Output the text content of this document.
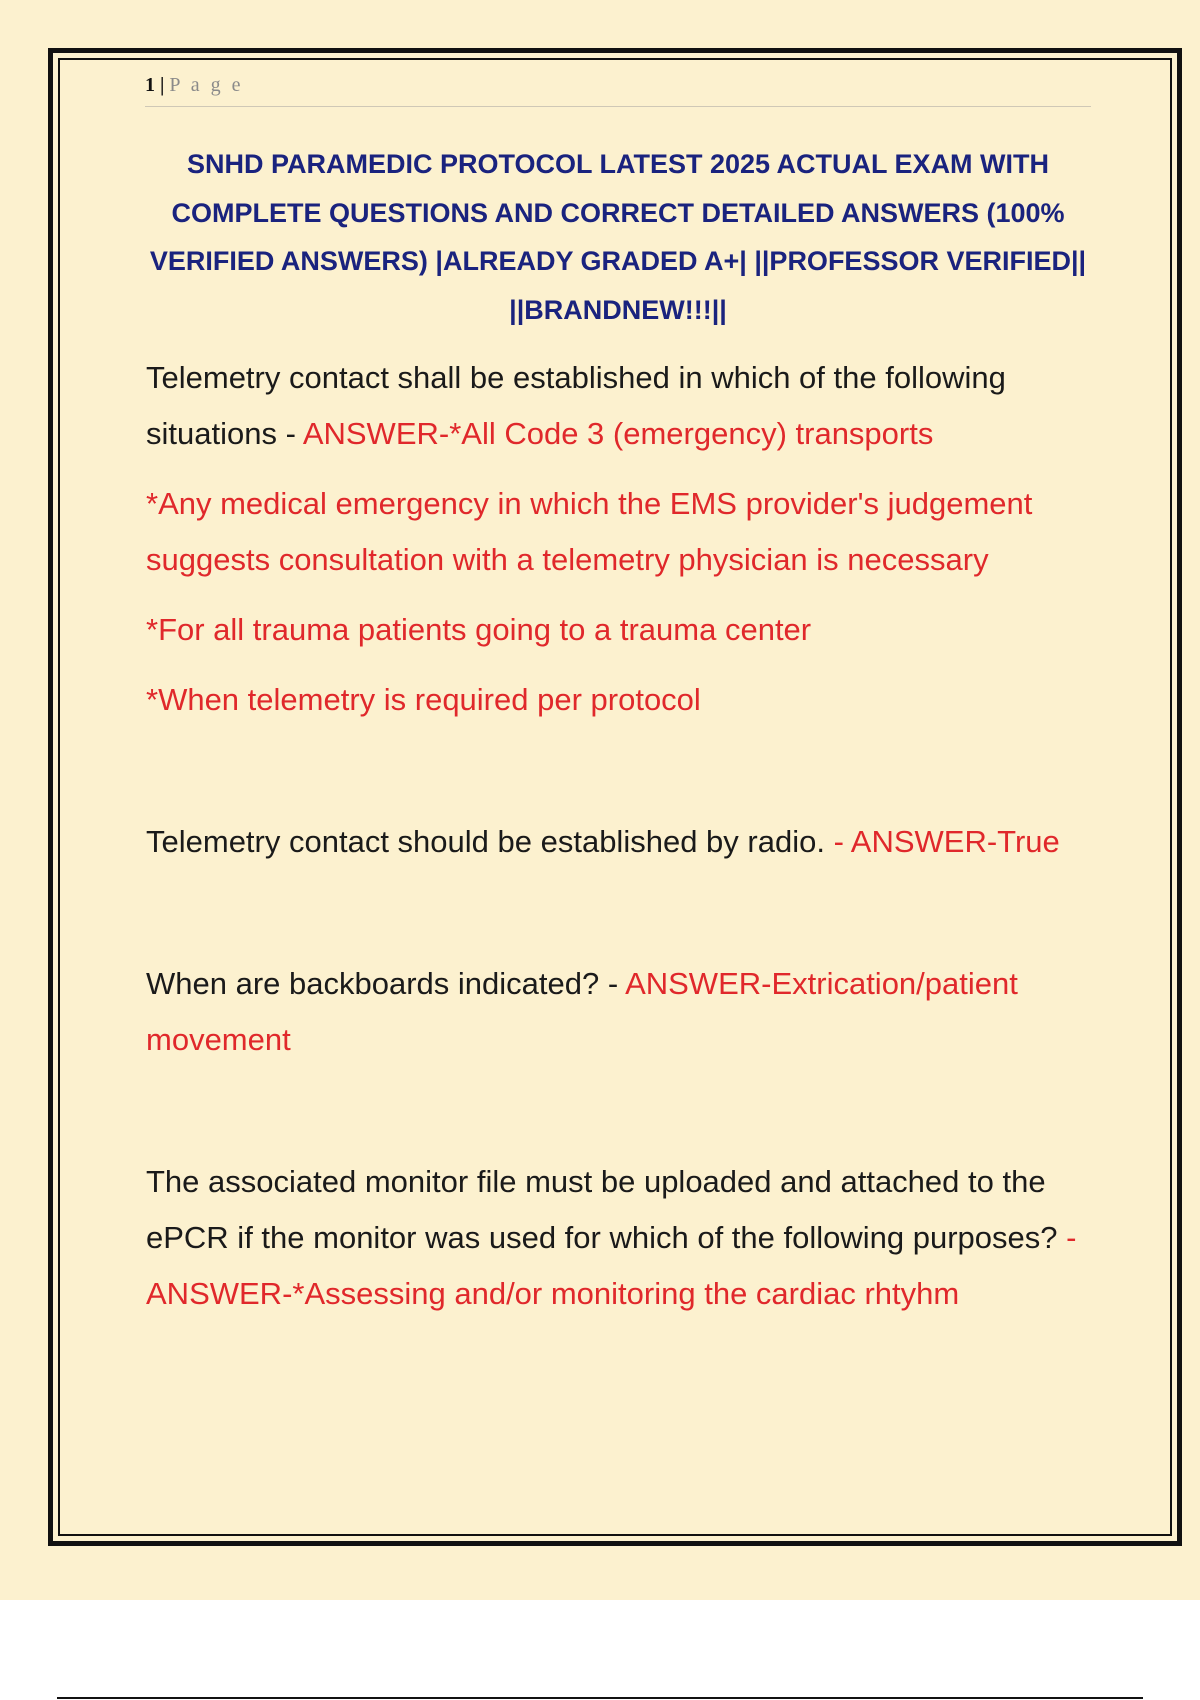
1 | P a g e
SNHD PARAMEDIC PROTOCOL LATEST 2025 ACTUAL EXAM WITH COMPLETE QUESTIONS AND CORRECT DETAILED ANSWERS (100% VERIFIED ANSWERS) |ALREADY GRADED A+| ||PROFESSOR VERIFIED|| ||BRANDNEW!!!||

Telemetry contact shall be established in which of the following situations - ANSWER-*All Code 3 (emergency) transports

*Any medical emergency in which the EMS provider's judgement suggests consultation with a telemetry physician is necessary

*For all trauma patients going to a trauma center

*When telemetry is required per protocol

Telemetry contact should be established by radio. - ANSWER-True

When are backboards indicated? - ANSWER-Extrication/patient movement

The associated monitor file must be uploaded and attached to the ePCR if the monitor was used for which of the following purposes? - ANSWER-*Assessing and/or monitoring the cardiac rhtyhm
